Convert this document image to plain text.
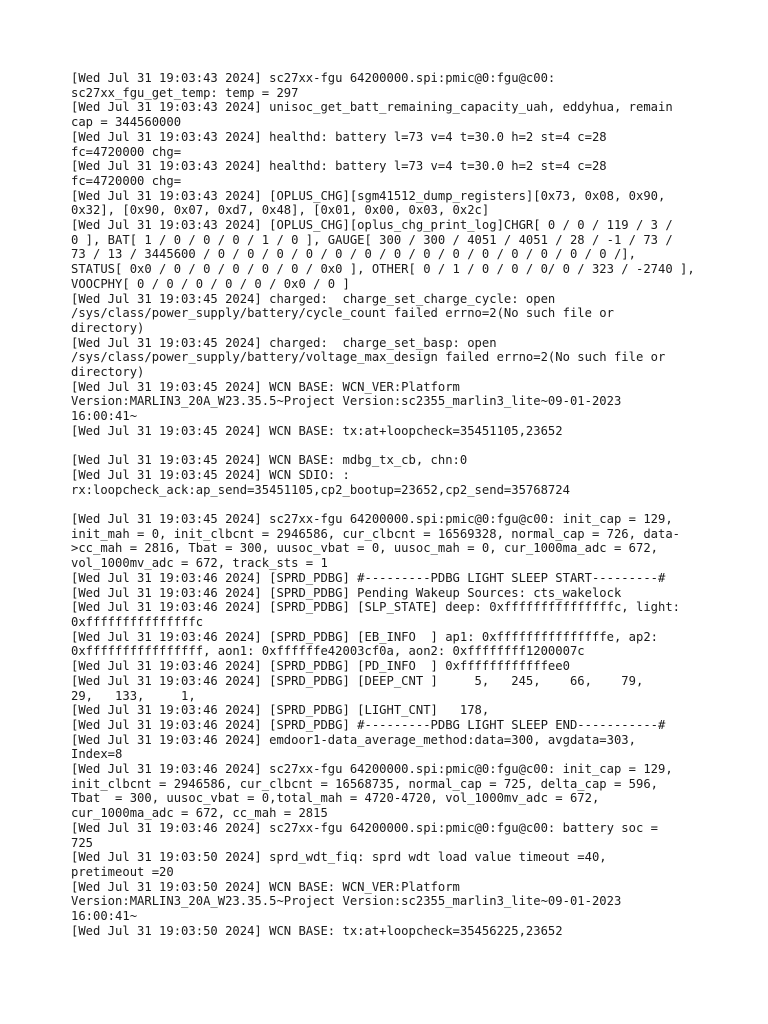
[Wed Jul 31 19:03:43 2024] sc27xx-fgu 64200000.spi:pmic@0:fgu@c00:
sc27xx_fgu_get_temp: temp = 297

[Wed Jul 31 19:03:43 2024] unisoc_get_batt_remaining_capacity_uah, eddyhua, remain
cap = 344560000

[Wed Jul 31 19:03:43 2024] healthd: battery l=73 v=4 t=30.0 h=2 st=4 c=28
fc=4720000 chg=

[Wed Jul 31 19:03:43 2024] healthd: battery l=73 v=4 t=30.0 h=2 st=4 c=28
fc=4720000 chg=

[Wed Jul 31 19:03:43 2024] [OPLUS_CHG][sgm41512_dump_registers][0x73, 0x08, 0x90,
0x32], [0x90, 0x07, 0xd7, 0x48], [0x01, 0x00, 0x03, 0x2c]

[Wed Jul 31 19:03:43 2024] [OPLUS_CHG][oplus_chg_print_log]CHGR[ 0 / 0 / 119 / 3 /
0 ], BAT[ 1 / 0 / 0 / 0 / 1 / 0 ], GAUGE[ 300 / 300 / 4051 / 4051 / 28 / -1 / 73 /
73 / 13 / 3445600 / 0 / 0 / 0 / 0 / 0 / 0 / 0 / 0 / 0 / 0 / 0 / 0 / 0 / 0 /],
STATUS[ 0x0 / 0 / 0 / 0 / 0 / 0 / 0x0 ], OTHER[ 0 / 1 / 0 / 0 / 0/ 0 / 323 / -2740 ],
VOOCPHY[ 0 / 0 / 0 / 0 / 0 / 0x0 / 0 ]

[Wed Jul 31 19:03:45 2024] charged:  charge_set_charge_cycle: open
/sys/class/power_supply/battery/cycle_count failed errno=2(No such file or
directory)

[Wed Jul 31 19:03:45 2024] charged:  charge_set_basp: open
/sys/class/power_supply/battery/voltage_max_design failed errno=2(No such file or
directory)

[Wed Jul 31 19:03:45 2024] WCN BASE: WCN_VER:Platform
Version:MARLIN3_20A_W23.35.5~Project Version:sc2355_marlin3_lite~09-01-2023
16:00:41~

[Wed Jul 31 19:03:45 2024] WCN BASE: tx:at+loopcheck=35451105,23652

[Wed Jul 31 19:03:45 2024] WCN BASE: mdbg_tx_cb, chn:0

[Wed Jul 31 19:03:45 2024] WCN SDIO: :
rx:loopcheck_ack:ap_send=35451105,cp2_bootup=23652,cp2_send=35768724

[Wed Jul 31 19:03:45 2024] sc27xx-fgu 64200000.spi:pmic@0:fgu@c00: init_cap = 129,
init_mah = 0, init_clbcnt = 2946586, cur_clbcnt = 16569328, normal_cap = 726, data-
>cc_mah = 2816, Tbat = 300, uusoc_vbat = 0, uusoc_mah = 0, cur_1000ma_adc = 672,
vol_1000mv_adc = 672, track_sts = 1

[Wed Jul 31 19:03:46 2024] [SPRD_PDBG] #---------PDBG LIGHT SLEEP START---------#

[Wed Jul 31 19:03:46 2024] [SPRD_PDBG] Pending Wakeup Sources: cts_wakelock

[Wed Jul 31 19:03:46 2024] [SPRD_PDBG] [SLP_STATE] deep: 0xfffffffffffffffc, light:
0xfffffffffffffffc

[Wed Jul 31 19:03:46 2024] [SPRD_PDBG] [EB_INFO  ] ap1: 0xfffffffffffffffe, ap2:
0xffffffffffffffff, aon1: 0xffffffe42003cf0a, aon2: 0xffffffff1200007c

[Wed Jul 31 19:03:46 2024] [SPRD_PDBG] [PD_INFO  ] 0xffffffffffffee0

[Wed Jul 31 19:03:46 2024] [SPRD_PDBG] [DEEP_CNT ]     5,   245,    66,    79,
29,   133,     1,

[Wed Jul 31 19:03:46 2024] [SPRD_PDBG] [LIGHT_CNT]   178,

[Wed Jul 31 19:03:46 2024] [SPRD_PDBG] #---------PDBG LIGHT SLEEP END-----------#

[Wed Jul 31 19:03:46 2024] emdoor1-data_average_method:data=300, avgdata=303,
Index=8

[Wed Jul 31 19:03:46 2024] sc27xx-fgu 64200000.spi:pmic@0:fgu@c00: init_cap = 129,
init_clbcnt = 2946586, cur_clbcnt = 16568735, normal_cap = 725, delta_cap = 596,
Tbat  = 300, uusoc_vbat = 0,total_mah = 4720-4720, vol_1000mv_adc = 672,
cur_1000ma_adc = 672, cc_mah = 2815

[Wed Jul 31 19:03:46 2024] sc27xx-fgu 64200000.spi:pmic@0:fgu@c00: battery soc =
725

[Wed Jul 31 19:03:50 2024] sprd_wdt_fiq: sprd wdt load value timeout =40,
pretimeout =20

[Wed Jul 31 19:03:50 2024] WCN BASE: WCN_VER:Platform
Version:MARLIN3_20A_W23.35.5~Project Version:sc2355_marlin3_lite~09-01-2023
16:00:41~

[Wed Jul 31 19:03:50 2024] WCN BASE: tx:at+loopcheck=35456225,23652
